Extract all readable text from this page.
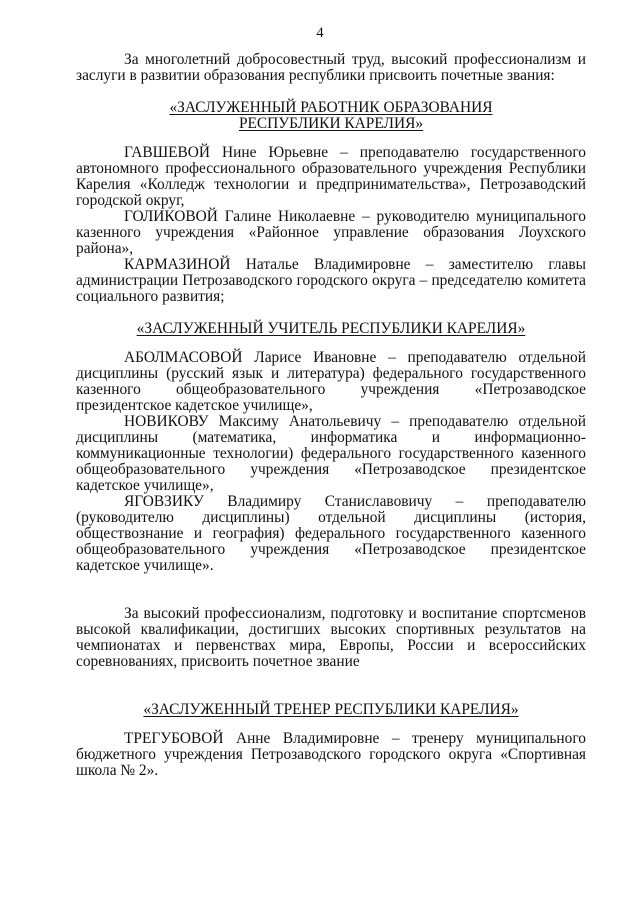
4

За многолетний добросовестный труд, высокий профессионализм и заслуги в развитии образования республики присвоить почетные звания:

«ЗАСЛУЖЕННЫЙ РАБОТНИК ОБРАЗОВАНИЯ
РЕСПУБЛИКИ КАРЕЛИЯ»

ГАВШЕВОЙ Нине Юрьевне – преподавателю государственного автономного профессионального образовательного учреждения Республики Карелия «Колледж технологии и предпринимательства», Петрозаводский городской округ,

ГОЛИКОВОЙ Галине Николаевне – руководителю муниципального казенного учреждения «Районное управление образования Лоухского района»,

КАРМАЗИНОЙ Наталье Владимировне – заместителю главы администрации Петрозаводского городского округа – председателю комитета социального развития;

«ЗАСЛУЖЕННЫЙ УЧИТЕЛЬ РЕСПУБЛИКИ КАРЕЛИЯ»

АБОЛМАСОВОЙ Ларисе Ивановне – преподавателю отдельной дисциплины (русский язык и литература) федерального государственного казенного общеобразовательного учреждения «Петрозаводское президентское кадетское училище»,

НОВИКОВУ Максиму Анатольевичу – преподавателю отдельной дисциплины (математика, информатика и информационно-коммуникационные технологии) федерального государственного казенного общеобразовательного учреждения «Петрозаводское президентское кадетское училище»,

ЯГОВЗИКУ Владимиру Станиславовичу – преподавателю (руководителю дисциплины) отдельной дисциплины (история, обществознание и география) федерального государственного казенного общеобразовательного учреждения «Петрозаводское президентское кадетское училище».

За высокий профессионализм, подготовку и воспитание спортсменов высокой квалификации, достигших высоких спортивных результатов на чемпионатах и первенствах мира, Европы, России и всероссийских соревнованиях, присвоить почетное звание

«ЗАСЛУЖЕННЫЙ ТРЕНЕР РЕСПУБЛИКИ КАРЕЛИЯ»

ТРЕГУБОВОЙ Анне Владимировне – тренеру муниципального бюджетного учреждения Петрозаводского городского округа «Спортивная школа № 2».
